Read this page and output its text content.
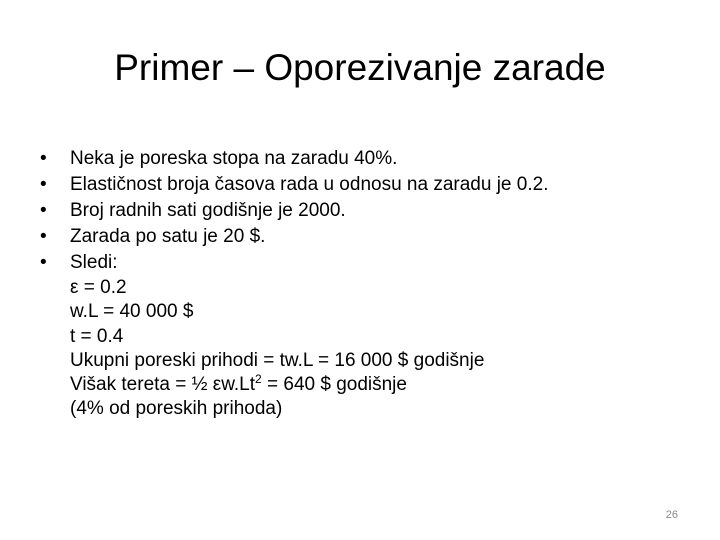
Primer – Oporezivanje zarade
•	Neka je poreska stopa na zaradu 40%.
•	Elastičnost broja časova rada u odnosu na zaradu je 0.2.
•	Broj radnih sati godišnje je 2000.
•	Zarada po satu je 20 $.
•	Sledi:
ε = 0.2
w.L = 40 000 $
t = 0.4
Ukupni poreski prihodi = tw.L = 16 000 $ godišnje
Višak tereta = ½ $\varepsilon w.Lt^2 = 640$ $ godišnje
(4% od poreskih prihoda)
26
